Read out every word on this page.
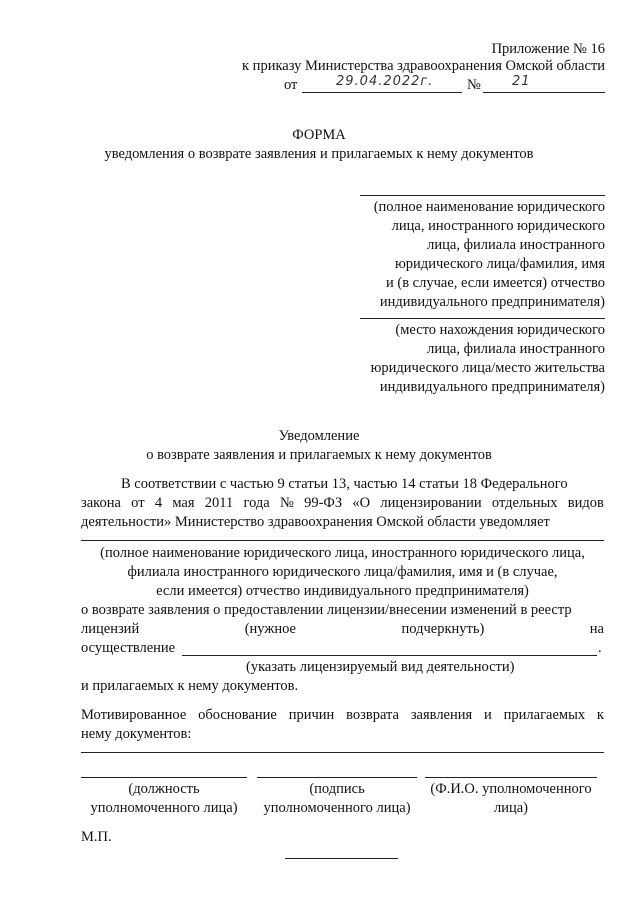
Приложение № 16
к приказу Министерства здравоохранения Омской области
от	29.04.2022г. № 21
ФОРМА
уведомления о возврате заявления и прилагаемых к нему документов
(полное наименование юридического
лица, иностранного юридического
лица, филиала иностранного
юридического лица/фамилия, имя
и (в случае, если имеется) отчество
индивидуального предпринимателя)
(место нахождения юридического
лица, филиала иностранного
юридического лица/место жительства
индивидуального предпринимателя)
Уведомление
о возврате заявления и прилагаемых к нему документов
В соответствии с частью 9 статьи 13, частью 14 статьи 18 Федерального
закона от 4 мая 2011 года № 99-ФЗ «О лицензировании отдельных видов
деятельности» Министерство здравоохранения Омской области уведомляет
(полное наименование юридического лица, иностранного юридического лица,
филиала иностранного юридического лица/фамилия, имя и (в случае,
если имеется) отчество индивидуального предпринимателя)
о возврате заявления о предоставлении лицензии/внесении изменений в реестр
лицензий	(нужное	подчеркнуть)	на
осуществление	.
(указать лицензируемый вид деятельности)
и прилагаемых к нему документов.
Мотивированное обоснование причин возврата заявления и прилагаемых к
нему документов:
(должность
уполномоченного лица)
(подпись
уполномоченного лица)
(Ф.И.О. уполномоченного
лица)
М.П.
